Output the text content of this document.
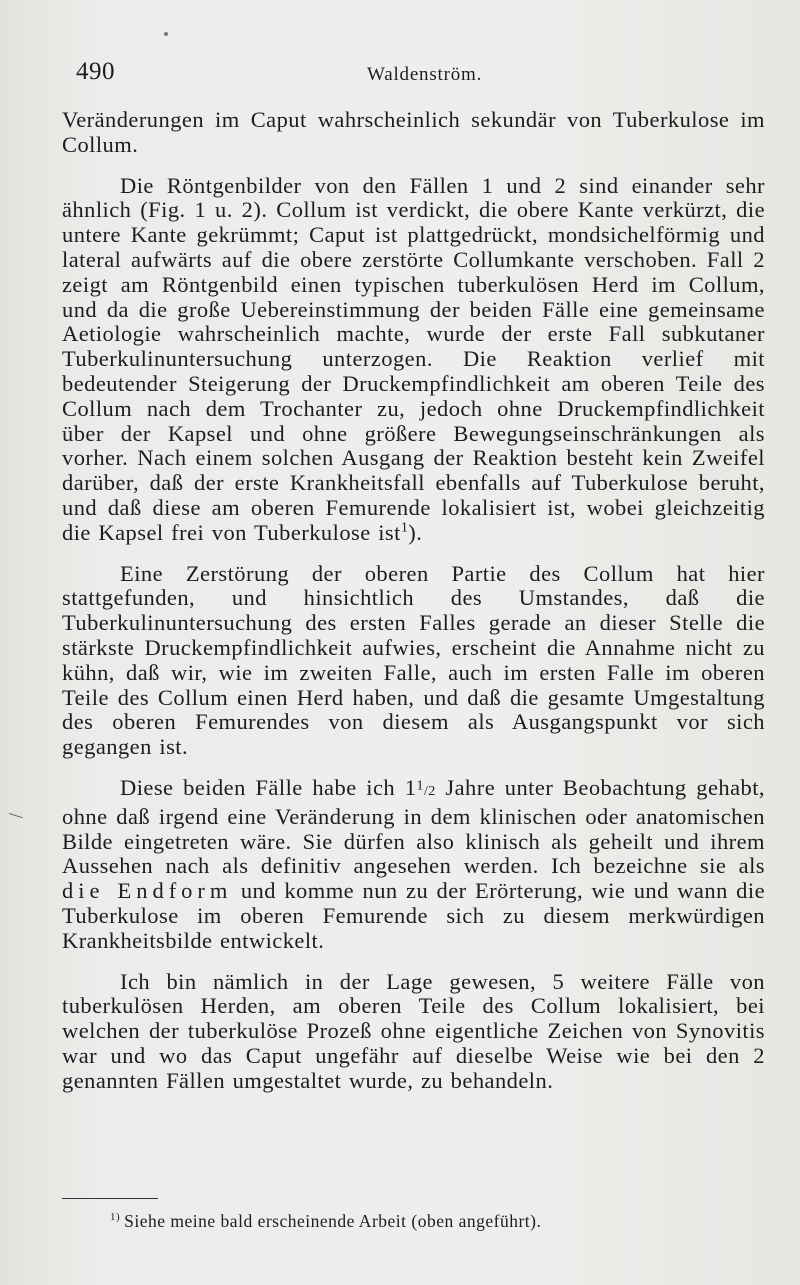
490	Waldenström.

Veränderungen im Caput wahrscheinlich sekundär von Tuberkulose im Collum.

Die Röntgenbilder von den Fällen 1 und 2 sind einander sehr ähnlich (Fig. 1 u. 2). Collum ist verdickt, die obere Kante verkürzt, die untere Kante gekrümmt; Caput ist plattgedrückt, mondsichelförmig und lateral aufwärts auf die obere zerstörte Collumkante verschoben. Fall 2 zeigt am Röntgenbild einen typischen tuberkulösen Herd im Collum, und da die große Uebereinstimmung der beiden Fälle eine gemeinsame Aetiologie wahrscheinlich machte, wurde der erste Fall subkutaner Tuberkulinuntersuchung unterzogen. Die Reaktion verlief mit bedeutender Steigerung der Druckempfindlichkeit am oberen Teile des Collum nach dem Trochanter zu, jedoch ohne Druckempfindlichkeit über der Kapsel und ohne größere Bewegungseinschränkungen als vorher. Nach einem solchen Ausgang der Reaktion besteht kein Zweifel darüber, daß der erste Krankheitsfall ebenfalls auf Tuberkulose beruht, und daß diese am oberen Femurende lokalisiert ist, wobei gleichzeitig die Kapsel frei von Tuberkulose ist$^1$).

Eine Zerstörung der oberen Partie des Collum hat hier stattgefunden, und hinsichtlich des Umstandes, daß die Tuberkulinuntersuchung des ersten Falles gerade an dieser Stelle die stärkste Druckempfindlichkeit aufwies, erscheint die Annahme nicht zu kühn, daß wir, wie im zweiten Falle, auch im ersten Falle im oberen Teile des Collum einen Herd haben, und daß die gesamte Umgestaltung des oberen Femurendes von diesem als Ausgangspunkt vor sich gegangen ist.

Diese beiden Fälle habe ich 11/2 Jahre unter Beobachtung gehabt, ohne daß irgend eine Veränderung in dem klinischen oder anatomischen Bilde eingetreten wäre. Sie dürfen also klinisch als geheilt und ihrem Aussehen nach als definitiv angesehen werden. Ich bezeichne sie als die Endform und komme nun zu der Erörterung, wie und wann die Tuberkulose im oberen Femurende sich zu diesem merkwürdigen Krankheitsbilde entwickelt.

Ich bin nämlich in der Lage gewesen, 5 weitere Fälle von tuberkulösen Herden, am oberen Teile des Collum lokalisiert, bei welchen der tuberkulöse Prozeß ohne eigentliche Zeichen von Synovitis war und wo das Caput ungefähr auf dieselbe Weise wie bei den 2 genannten Fällen umgestaltet wurde, zu behandeln.

$^{1)}$ Siehe meine bald erscheinende Arbeit (oben angeführt).
